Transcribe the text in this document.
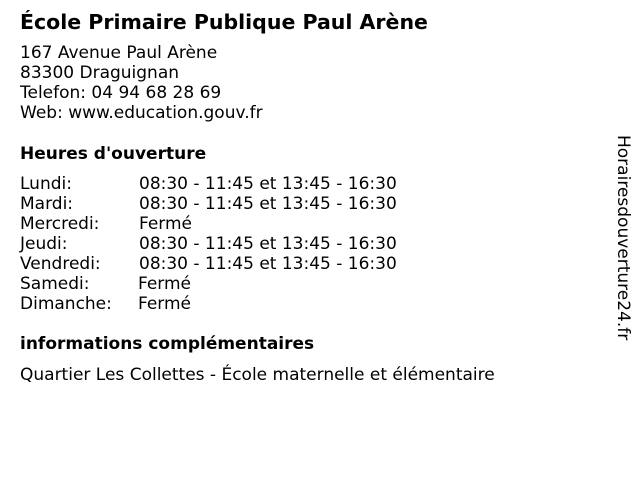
École Primaire Publique Paul Arène
167 Avenue Paul Arène
83300 Draguignan
Telefon: 04 94 68 28 69
Web: www.education.gouv.fr
Heures d'ouverture
Lundi:	08:30 - 11:45 et 13:45 - 16:30
Mardi:	08:30 - 11:45 et 13:45 - 16:30
Mercredi: Fermé
Jeudi:	08:30 - 11:45 et 13:45 - 16:30
Vendredi: 08:30 - 11:45 et 13:45 - 16:30
Samedi:	Fermé
Dimanche: Fermé
informations complémentaires
Quartier Les Collettes - École maternelle et élémentaire
Horairesdouverture24.fr
